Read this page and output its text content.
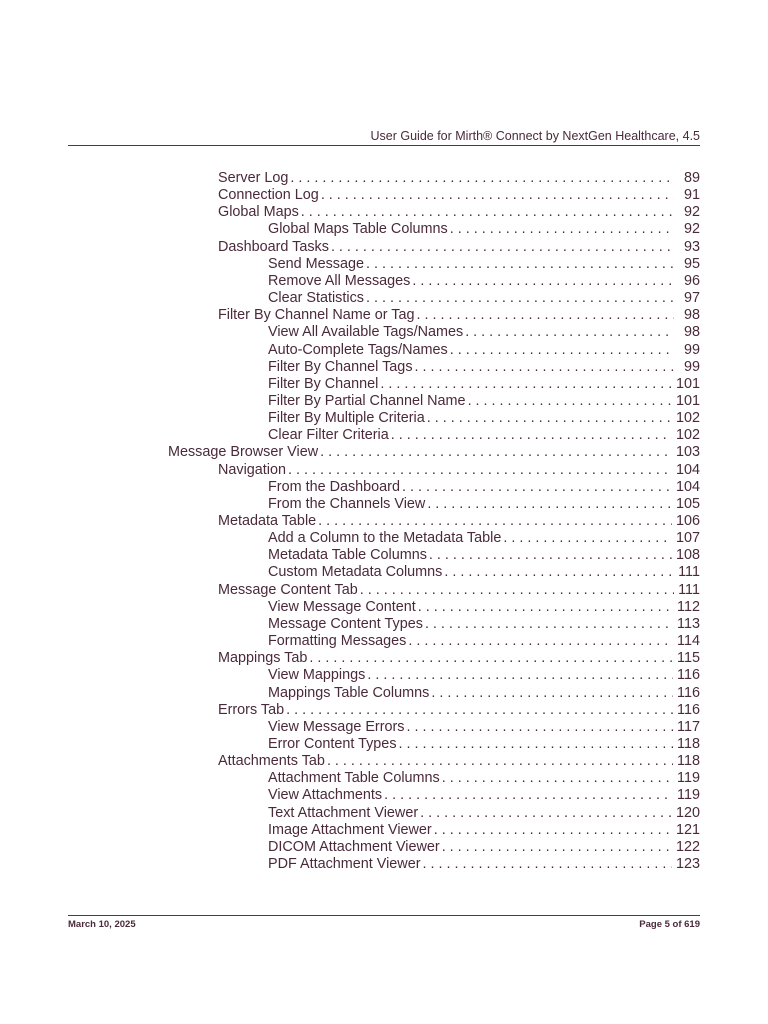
User Guide for Mirth® Connect by NextGen Healthcare, 4.5
Server Log . . .	89
Connection Log . . .	91
Global Maps . . .	92
Global Maps Table Columns . . .	92
Dashboard Tasks . . .	93
Send Message . . .	95
Remove All Messages . . .	96
Clear Statistics . . .	97
Filter By Channel Name or Tag . . .	98
View All Available Tags/Names . . .	98
Auto-Complete Tags/Names . . .	99
Filter By Channel Tags . . .	99
Filter By Channel . . .	101
Filter By Partial Channel Name . . .	101
Filter By Multiple Criteria . . .	102
Clear Filter Criteria . . .	102
Message Browser View . . .	103
Navigation . . .	104
From the Dashboard . . .	104
From the Channels View . . .	105
Metadata Table . . .	106
Add a Column to the Metadata Table . . .	107
Metadata Table Columns . . .	108
Custom Metadata Columns . . .	111
Message Content Tab . . .	111
View Message Content . . .	112
Message Content Types . . .	113
Formatting Messages . . .	114
Mappings Tab . . .	115
View Mappings . . .	116
Mappings Table Columns . . .	116
Errors Tab . . .	116
View Message Errors . . .	117
Error Content Types . . .	118
Attachments Tab . . .	118
Attachment Table Columns . . .	119
View Attachments . . .	119
Text Attachment Viewer . . .	120
Image Attachment Viewer . . .	121
DICOM Attachment Viewer . . .	122
PDF Attachment Viewer . . .	123
March 10, 2025	Page 5 of 619
